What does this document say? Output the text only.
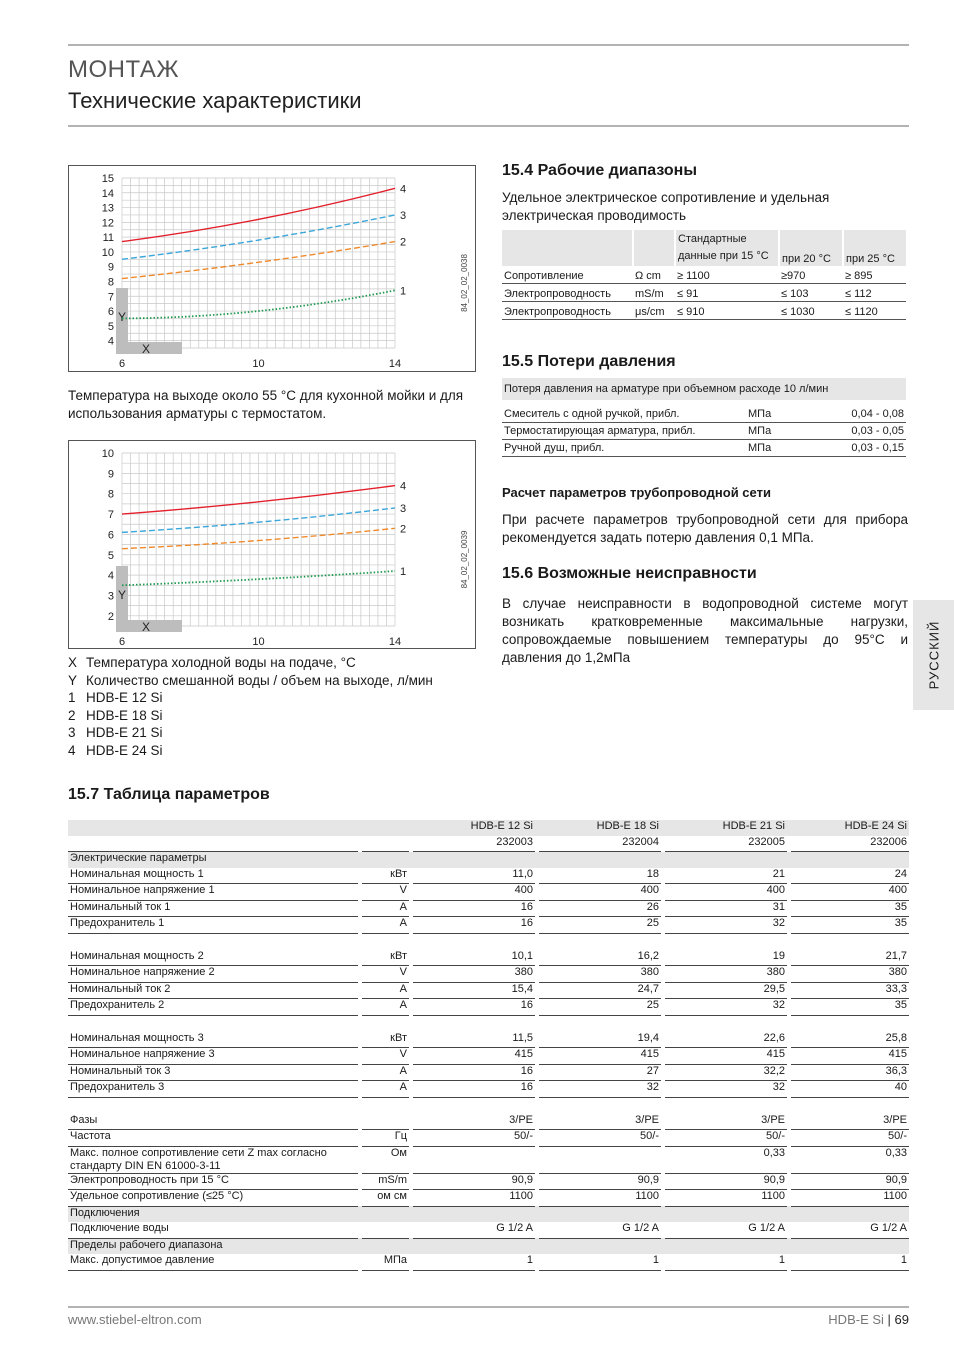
МОНТАЖ
Технические характеристики
4
5
6
7
8
9
10
11
12
13
14
15
6	10	14
Y
X
4
3
2
1	84_02_02_0038
Температура на выходе около 55 °C для кухонной мойки и для использования арматуры с термостатом.
2
3
4
5
6
7
8
9
10
6	10	14
Y
X
4
3
2
1	84_02_02_0039
X Температура холодной воды на подаче, °C
Y Количество смешанной воды / объем на выходе, л/мин
1 HDB-E 12 Si
2 HDB-E 18 Si
3 HDB-E 21 Si
4 HDB-E 24 Si
15.4 Рабочие диапазоны
Удельное электрическое сопротивление и удельная электрическая проводимость
		Стандартные данные при 15 °C	при 20 °C	при 25 °C
Сопротивление	Ω cm	≥ 1100	≥970	≥ 895
Электропроводность	mS/m	≤ 91	≤ 103	≤ 112
Электропроводность	μs/cm	≤ 910	≤ 1030	≤ 1120
15.5 Потери давления
Потеря давления на арматуре при объемном расходе 10 л/мин		

Смеситель с одной ручкой, прибл.	МПа	0,04 - 0,08
Термостатирующая арматура, прибл.	МПа	0,03 - 0,05
Ручной душ, прибл.	МПа	0,03 - 0,15
Расчет параметров трубопроводной сети
При расчете параметров трубопроводной сети для прибора рекомендуется задать потерю давления 0,1 МПа.
15.6 Возможные неисправности
В случае неисправности в водопроводной системе могут возникать кратковременные максимальные нагрузки, сопровождаемые повышением температуры до 95°C и давления до 1,2мПа	РУССКИЙ
15.7 Таблица параметров
				HDB-E 12 Si		HDB-E 18 Si		HDB-E 21 Si		HDB-E 24 Si
				232003		232004		232005		232006
Электрические параметры										
Номинальная мощность 1		кВт		11,0		18		21		24
Номинальное напряжение 1		V		400		400		400		400
Номинальный ток 1		A		16		26		31		35
Предохранитель 1		A		16		25		32		35

Номинальная мощность 2		кВт		10,1		16,2		19		21,7
Номинальное напряжение 2		V		380		380		380		380
Номинальный ток 2		A		15,4		24,7		29,5		33,3
Предохранитель 2		A		16		25		32		35

Номинальная мощность 3		кВт		11,5		19,4		22,6		25,8
Номинальное напряжение 3		V		415		415		415		415
Номинальный ток 3		A		16		27		32,2		36,3
Предохранитель 3		A		16		32		32		40

Фазы				3/PE		3/PE		3/PE		3/PE
Частота		Гц		50/-		50/-		50/-		50/-
Макс. полное сопротивление сети Z max согласно стандарту DIN EN 61000-3-11		Ом						0,33		0,33
Электропроводность при 15 °C		mS/m		90,9		90,9		90,9		90,9
Удельное сопротивление (≤25 °C)		ом см		1100		1100		1100		1100
Подключения										
Подключение воды				G 1/2 A		G 1/2 A		G 1/2 A		G 1/2 A
Пределы рабочего диапазона										
Макс. допустимое давление		МПа		1		1		1		1
www.stiebel-eltron.com	HDB-E Si | 69
